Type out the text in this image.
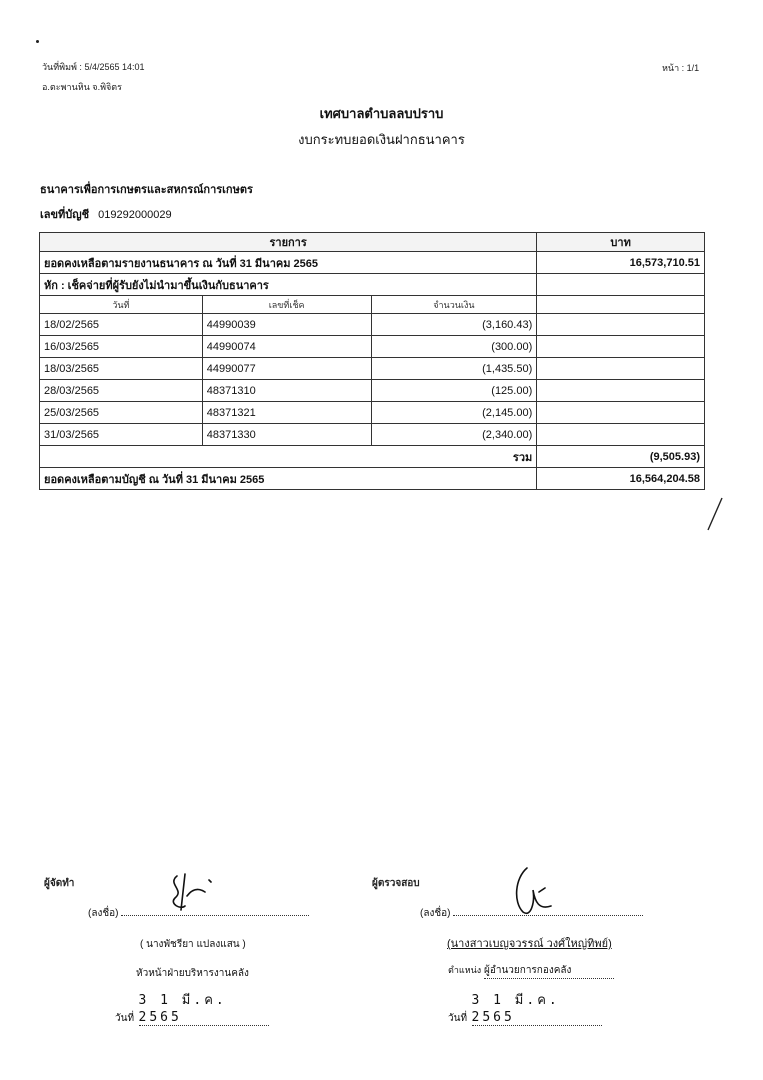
วันที่พิมพ์ : 5/4/2565 14:01
อ.ตะพานหิน จ.พิจิตร
หน้า : 1/1
เทศบาลตำบลลบปราบ
งบกระทบยอดเงินฝากธนาคาร
ธนาคารเพื่อการเกษตรและสหกรณ์การเกษตร
เลขที่บัญชี 019292000029
รายการ			บาท
ยอดคงเหลือตามรายงานธนาคาร ณ วันที่ 31 มีนาคม 2565			16,573,710.51
หัก : เช็คจ่ายที่ผู้รับยังไม่นำมาขึ้นเงินกับธนาคาร			
วันที่	เลขที่เช็ค	จำนวนเงิน	
18/02/2565	44990039	(3,160.43)	
16/03/2565	44990074	(300.00)	
18/03/2565	44990077	(1,435.50)	
28/03/2565	48371310	(125.00)	
25/03/2565	48371321	(2,145.00)	
31/03/2565	48371330	(2,340.00)	
รวม			(9,505.93)
ยอดคงเหลือตามบัญชี ณ วันที่ 31 มีนาคม 2565			16,564,204.58
ผู้จัดทำ
(ลงชื่อ)
( นางพัชรียา แปลงแสน )
หัวหน้าฝ่ายบริหารงานคลัง
วันที่ 3 1 มี.ค. 2565
ผู้ตรวจสอบ
(ลงชื่อ)
(นางสาวเบญจวรรณ์ วงศ์ใหญ่ทิพย์)
ตำแหน่ง ผู้อำนวยการกองคลัง
วันที่ 3 1 มี.ค. 2565
